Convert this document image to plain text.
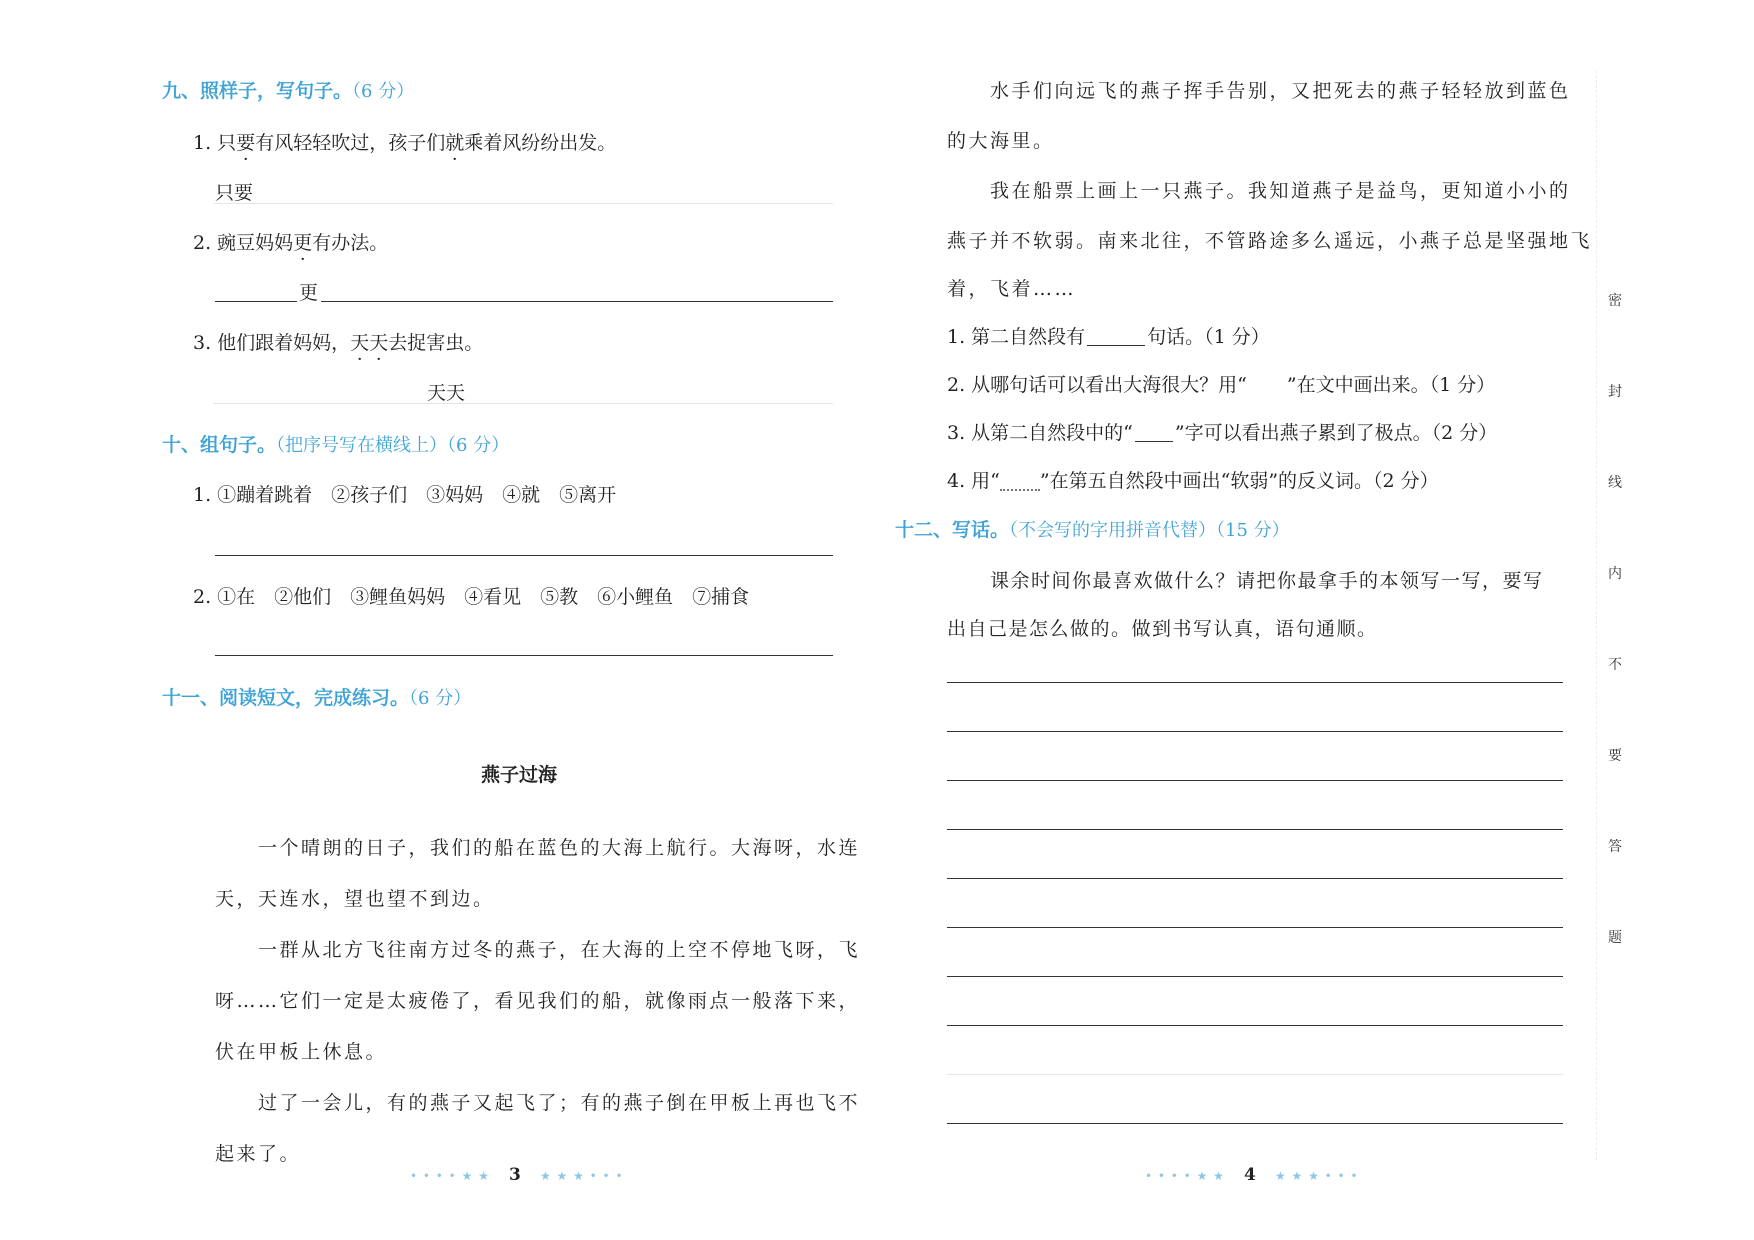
九、照样子，写句子。（6 分）
1. 只要有风轻轻吹过，孩子们就乘着风纷纷出发。
只要
2. 豌豆妈妈更有办法。
更
3. 他们跟着妈妈，天天去捉害虫。
天天
十、组句子。（把序号写在横线上）（6 分）
1. ①蹦着跳着　②孩子们　③妈妈　④就　⑤离开
2. ①在　②他们　③鲤鱼妈妈　④看见　⑤教　⑥小鲤鱼　⑦捕食
十一、阅读短文，完成练习。（6 分）
燕子过海
一个晴朗的日子，我们的船在蓝色的大海上航行。大海呀，水连
天，天连水，望也望不到边。
一群从北方飞往南方过冬的燕子，在大海的上空不停地飞呀，飞
呀……它们一定是太疲倦了，看见我们的船，就像雨点一般落下来，
伏在甲板上休息。
过了一会儿，有的燕子又起飞了；有的燕子倒在甲板上再也飞不
起来了。
• • • • ★ ★ 3 ★ ★ ★ • • •
水手们向远飞的燕子挥手告别，又把死去的燕子轻轻放到蓝色
的大海里。
我在船票上画上一只燕子。我知道燕子是益鸟，更知道小小的
燕子并不软弱。南来北往，不管路途多么遥远，小燕子总是坚强地飞
着，飞着……
1. 第二自然段有	句话。（1 分）
2. 从哪句话可以看出大海很大？用“ ”在文中画出来。（1 分）
3. 从第二自然段中的“ ”字可以看出燕子累到了极点。（2 分）
4. 用“ ”在第五自然段中画出“软弱”的反义词。（2 分）
十二、写话。（不会写的字用拼音代替）（15 分）
课余时间你最喜欢做什么？请把你最拿手的本领写一写，要写
出自己是怎么做的。做到书写认真，语句通顺。
• • • • ★ ★ 4 ★ ★ ★ • • •
密
封
线
内
不
要
答
题
